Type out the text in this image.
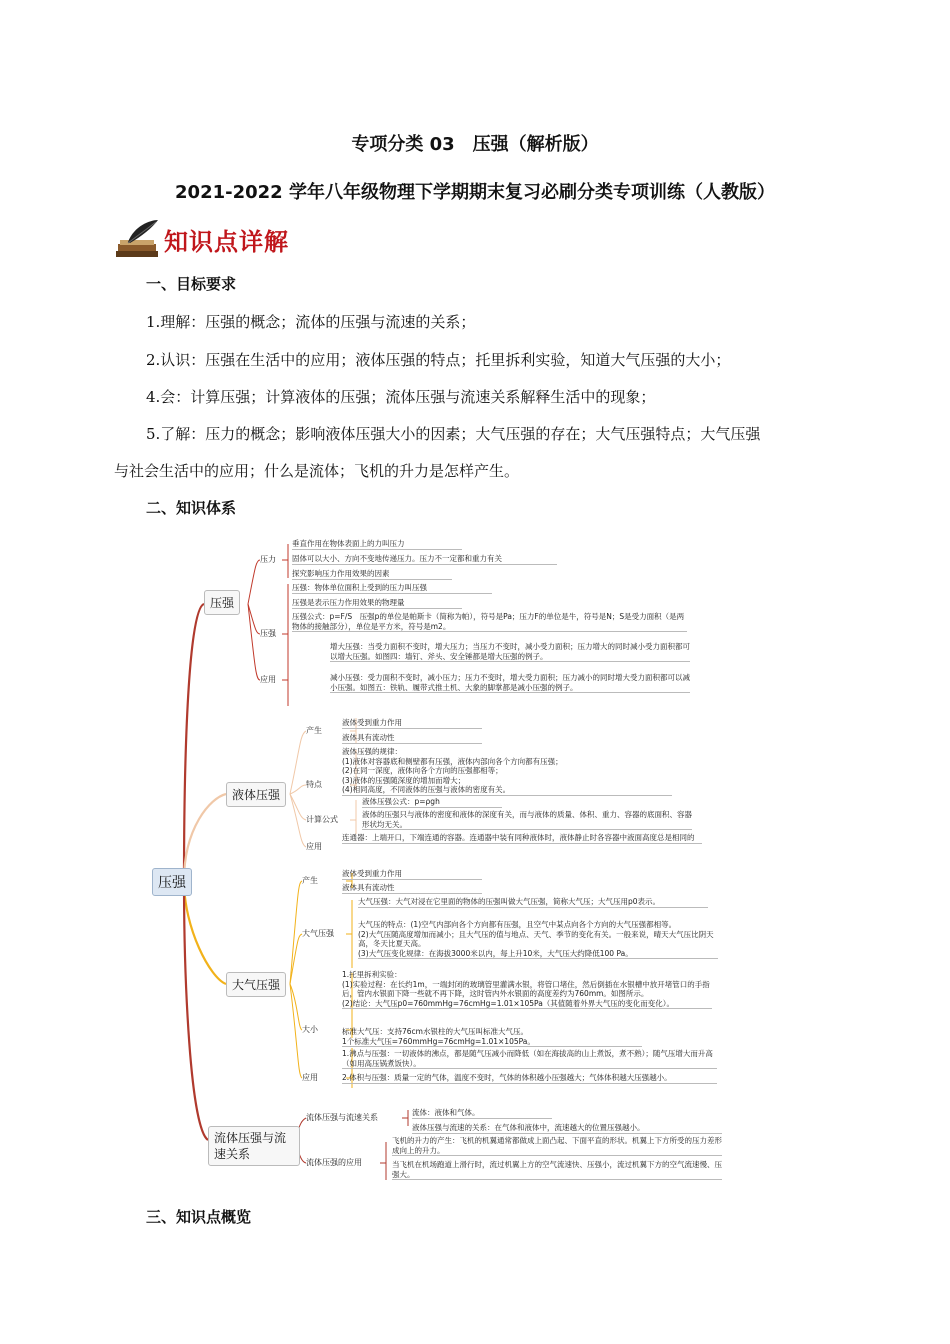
专项分类 03　压强（解析版）
2021-2022 学年八年级物理下学期期末复习必刷分类专项训练（人教版）
知识点详解
一、目标要求
1.理解：压强的概念；流体的压强与流速的关系；
2.认识：压强在生活中的应用；液体压强的特点；托里拆利实验，知道大气压强的大小；
4.会：计算压强；计算液体的压强；流体压强与流速关系解释生活中的现象；
5.了解：压力的概念；影响液体压强大小的因素；大气压强的存在；大气压强特点；大气压强
与社会生活中的应用；什么是流体；飞机的升力是怎样产生。
二、知识体系
压强
压强
液体压强
大气压强
流体压强与流速关系
压力
压强
应用
产生
特点
计算公式
应用
产生
大气压强
大小
应用
流体压强与流速关系
流体压强的应用
垂直作用在物体表面上的力叫压力
固体可以大小、方向不变地传递压力。压力不一定都和重力有关
探究影响压力作用效果的因素
压强：物体单位面积上受到的压力叫压强
压强是表示压力作用效果的物理量
压强公式：p=F/S　压强p的单位是帕斯卡（简称为帕），符号是Pa；压力F的单位是牛，符号是N；S是受力面积（是两物体的接触部分），单位是平方米，符号是m2。
增大压强：当受力面积不变时，增大压力；当压力不变时，减小受力面积；压力增大的同时减小受力面积都可以增大压强。如图四：墙钉、斧头、安全锤都是增大压强的例子。
减小压强：受力面积不变时，减小压力；压力不变时，增大受力面积；压力减小的同时增大受力面积都可以减小压强。如图五：铁轨、履带式推土机、大象的脚掌都是减小压强的例子。
液体受到重力作用
液体具有流动性
液体压强的规律：
(1)液体对容器底和侧壁都有压强，液体内部向各个方向都有压强；
(2)在同一深度，液体向各个方向的压强都相等；
(3)液体的压强随深度的增加而增大；
(4)相同高度，不同液体的压强与液体的密度有关。
液体压强公式：p=ρgh
液体的压强只与液体的密度和液体的深度有关，而与液体的质量、体积、重力、容器的底面积、容器形状均无关。
连通器：上端开口，下端连通的容器。连通器中装有同种液体时，液体静止时各容器中液面高度总是相同的
液体受到重力作用
液体具有流动性
大气压强：大气对浸在它里面的物体的压强叫做大气压强，简称大气压；大气压用p0表示。
大气压的特点：(1)空气内部向各个方向都有压强，且空气中某点向各个方向的大气压强都相等。
(2)大气压随高度增加而减小；且大气压的值与地点、天气、季节的变化有关。一般来说，晴天大气压比阴天高，冬天比夏天高。
(3)大气压变化规律：在海拔3000米以内，每上升10米，大气压大约降低100 Pa。
1.托里拆利实验：
(1)实验过程：在长约1m，一端封闭的玻璃管里灌满水银，将管口堵住，然后倒插在水银槽中放开堵管口的手指后，管内水银面下降一些就不再下降，这时管内外水银面的高度差约为760mm。如图所示。
(2)结论：大气压p0=760mmHg=76cmHg=1.01×105Pa（其值随着外界大气压的变化而变化）。
标准大气压：支持76cm水银柱的大气压叫标准大气压。
1个标准大气压=760mmHg=76cmHg=1.01×105Pa。
1.沸点与压强：一切液体的沸点，都是随气压减小而降低（如在海拔高的山上煮饭，煮不熟）；随气压增大而升高（如用高压锅煮饭快）。
2.体积与压强：质量一定的气体，温度不变时，气体的体积越小压强越大；气体体积越大压强越小。
流体：液体和气体。
液体压强与流速的关系：在气体和液体中，流速越大的位置压强越小。
飞机的升力的产生：飞机的机翼通常都做成上面凸起、下面平直的形状。机翼上下方所受的压力差形成向上的升力。
当飞机在机场跑道上滑行时，流过机翼上方的空气流速快、压强小，流过机翼下方的空气流速慢、压强大。
三、知识点概览
